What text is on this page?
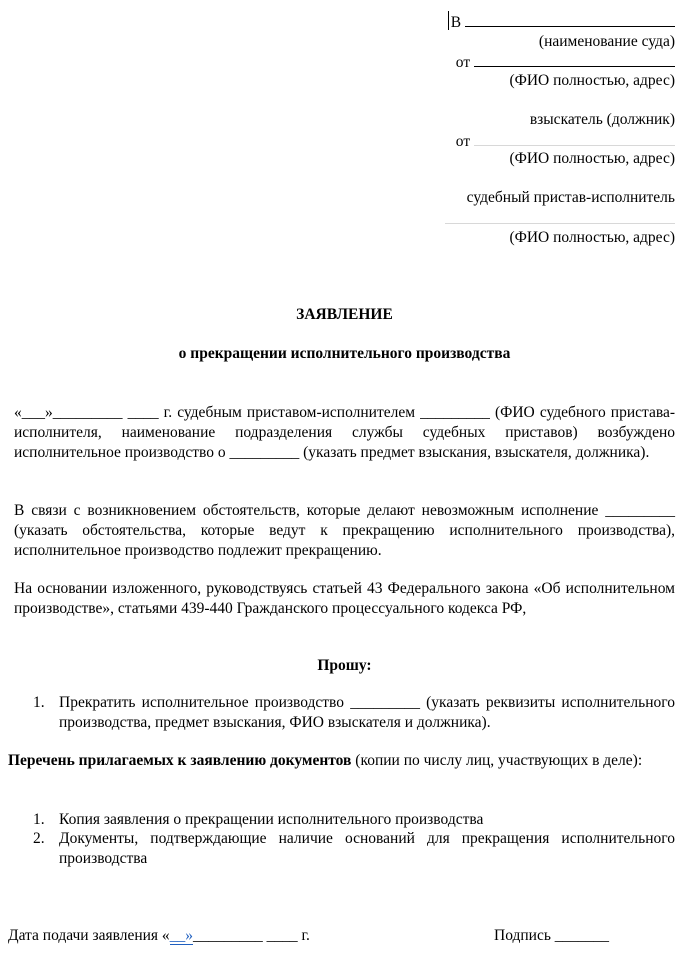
В
(наименование суда)
от
(ФИО полностью, адрес)
взыскатель (должник)
от
(ФИО полностью, адрес)
судебный пристав-исполнитель
(ФИО полностью, адрес)
ЗАЯВЛЕНИЕ
о прекращении исполнительного производства
«___»_________ ____ г. судебным приставом-исполнителем _________ (ФИО судебного пристава-исполнителя, наименование подразделения службы судебных приставов) возбуждено исполнительное производство о _________ (указать предмет взыскания, взыскателя, должника).
В связи с возникновением обстоятельств, которые делают невозможным исполнение _________ (указать обстоятельства, которые ведут к прекращению исполнительного производства), исполнительное производство подлежит прекращению.
На основании изложенного, руководствуясь статьей 43 Федерального закона «Об исполнительном производстве», статьями 439-440 Гражданского процессуального кодекса РФ,
Прошу:
1. Прекратить исполнительное производство _________ (указать реквизиты исполнительного производства, предмет взыскания, ФИО взыскателя и должника).
Перечень прилагаемых к заявлению документов (копии по числу лиц, участвующих в деле):
1. Копия заявления о прекращении исполнительного производства
2. Документы, подтверждающие наличие оснований для прекращения исполнительного производства
Дата подачи заявления «__»_________ ____ г.	Подпись _______
